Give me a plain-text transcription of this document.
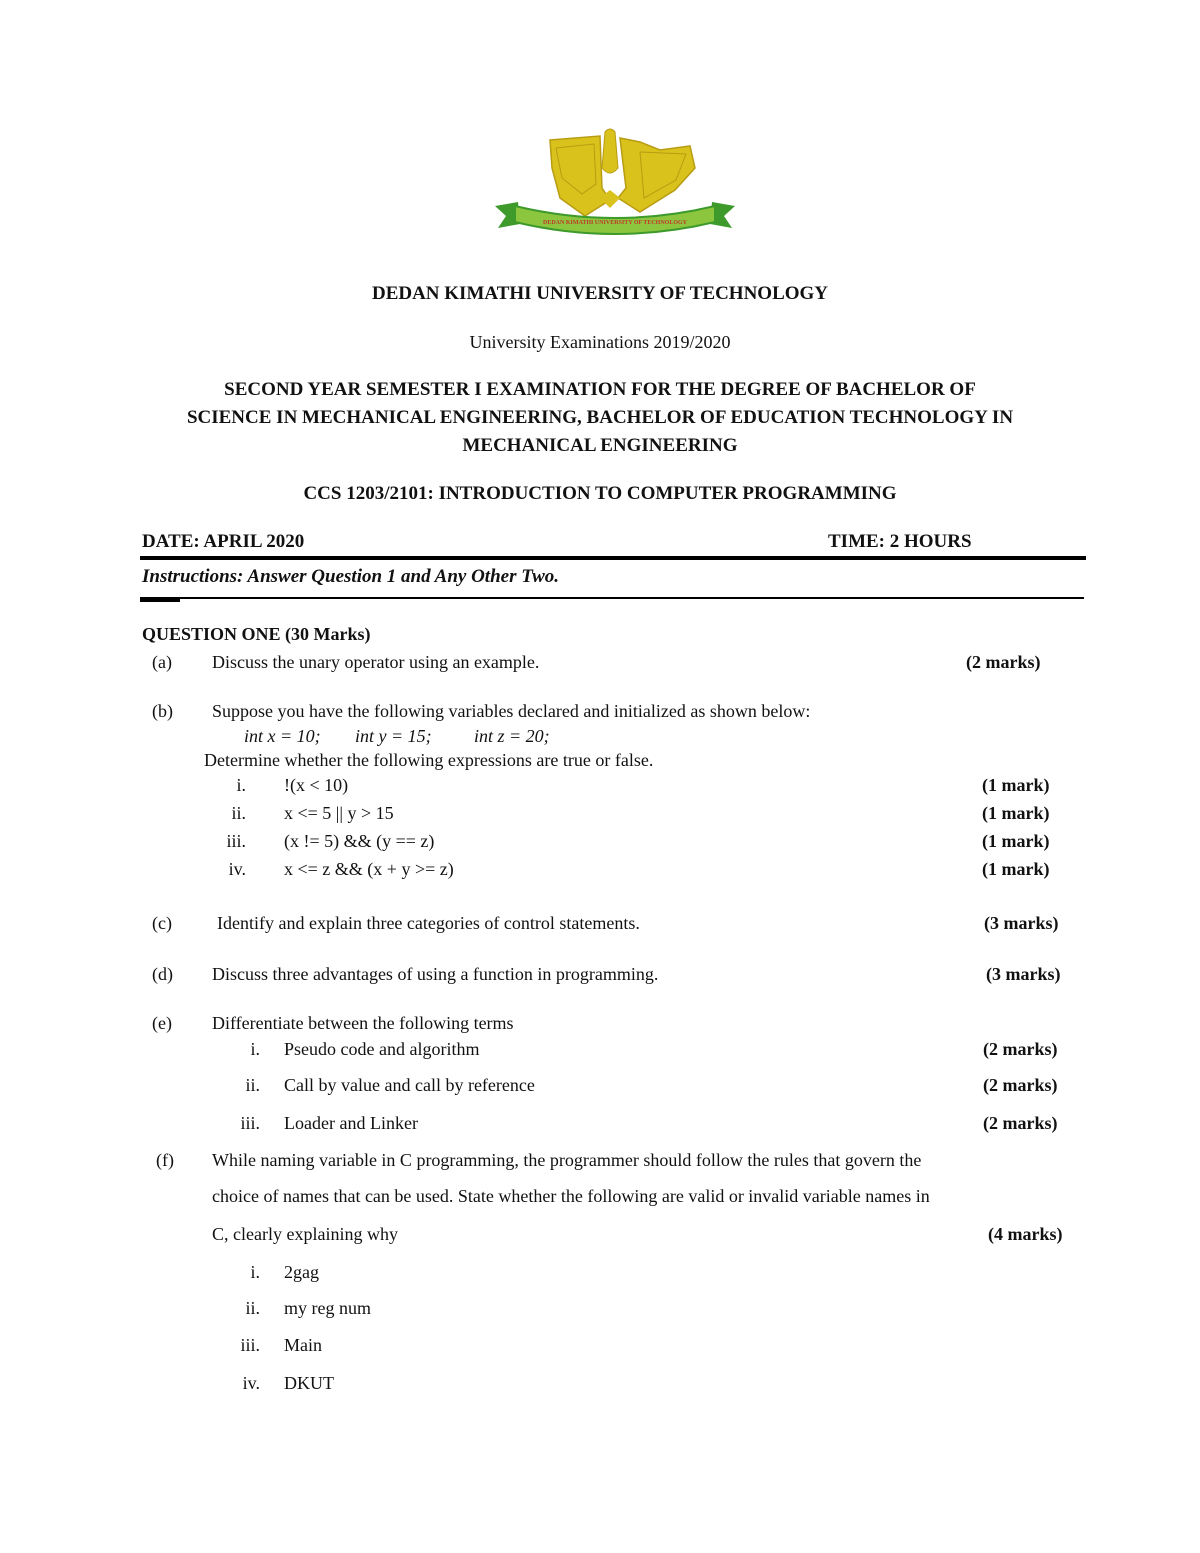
DEDAN KIMATHI UNIVERSITY OF TECHNOLOGY
DEDAN KIMATHI UNIVERSITY OF TECHNOLOGY
University Examinations 2019/2020
SECOND YEAR SEMESTER I EXAMINATION FOR THE DEGREE OF BACHELOR OF
SCIENCE IN MECHANICAL ENGINEERING, BACHELOR OF EDUCATION TECHNOLOGY IN
MECHANICAL ENGINEERING
CCS 1203/2101: INTRODUCTION TO COMPUTER PROGRAMMING
DATE: APRIL 2020	TIME: 2 HOURS
Instructions: Answer Question 1 and Any Other Two.
QUESTION ONE (30 Marks)
(a) Discuss the unary operator using an example.	(2 marks)
(b) Suppose you have the following variables declared and initialized as shown below:
int x = 10; int y = 15; int z = 20;
Determine whether the following expressions are true or false.
i. !(x < 10)	(1 mark)
ii. x <= 5 || y > 15	(1 mark)
iii. (x != 5) && (y == z)	(1 mark)
iv. x <= z && (x + y >= z)	(1 mark)
(c)	Identify and explain three categories of control statements.	(3 marks)
(d) Discuss three advantages of using a function in programming.	(3 marks)
(e) Differentiate between the following terms
i. Pseudo code and algorithm	(2 marks)
ii. Call by value and call by reference	(2 marks)
iii. Loader and Linker	(2 marks)
(f) While naming variable in C programming, the programmer should follow the rules that govern the
choice of names that can be used. State whether the following are valid or invalid variable names in
C, clearly explaining why	(4 marks)
i. 2gag
ii. my reg num
iii. Main
iv. DKUT
